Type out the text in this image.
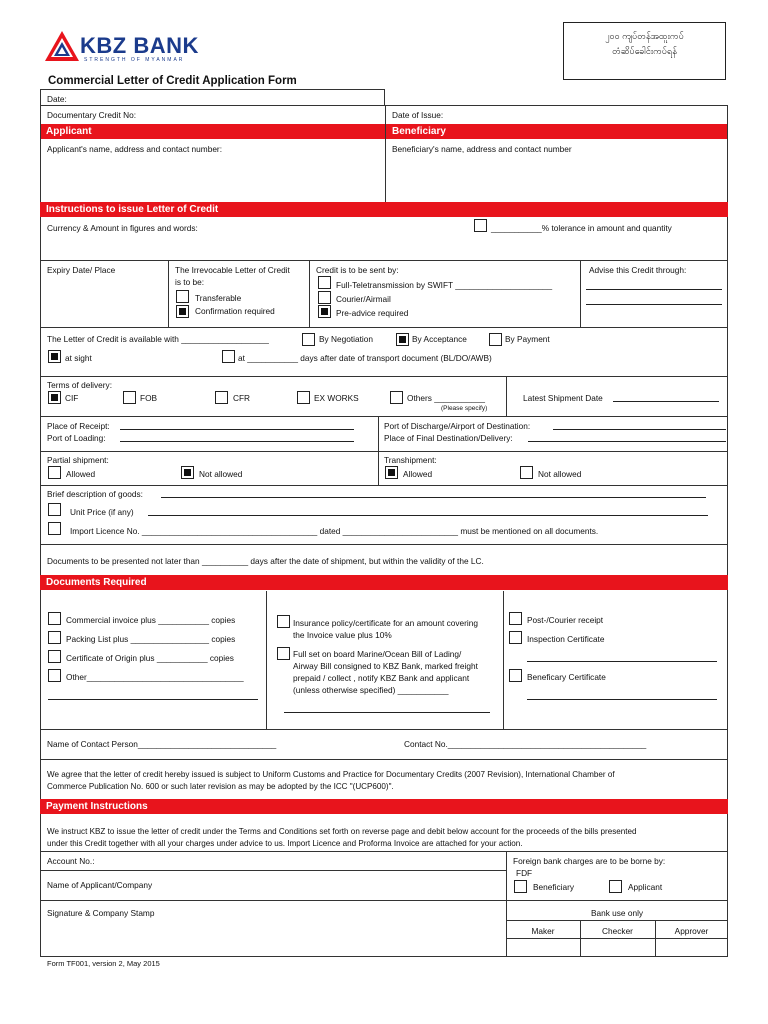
KBZ BANK
STRENGTH OF MYANMAR
Commercial Letter of Credit Application Form
၂၀၀ ကျပ်တန်အထူးကပ်
တံဆိပ်ခေါင်းကပ်ရန်
Date:
Documentary Credit No:	Date of Issue:
Applicant	Beneficiary
Applicant's name, address and contact number:	Beneficiary's name, address and contact number
Instructions to issue Letter of Credit
Currency & Amount in figures and words:	___________% tolerance in amount and quantity
Expiry Date/ Place	The Irrevocable Letter of Credit
is to be:
Transferable
Confirmation required
Credit is to be sent by:
Full-Teletransmission by SWIFT _____________________
Courier/Airmail
Pre-advice required
Advise this Credit through:
The Letter of Credit is available with ___________________	By Negotiation	By Acceptance	By Payment
at sight	at ___________ days after date of transport document (BL/DO/AWB)
Terms of delivery:
CIF	FOB	CFR	EX WORKS	Others ___________
(Please specify)
Latest Shipment Date
Place of Receipt:
Port of Loading:
Port of Discharge/Airport of Destination:
Place of Final Destination/Delivery:
Partial shipment:
Allowed	Not allowed
Transhipment:
Allowed	Not allowed
Brief description of goods:
Unit Price (if any)
Import Licence No. ______________________________________ dated _________________________ must be mentioned on all documents.
Documents to be presented not later than __________ days after the date of shipment, but within the validity of the LC.
Documents Required
Commercial invoice plus ___________ copies
Packing List plus _________________ copies
Certificate of Origin plus ___________ copies
Other__________________________________
Insurance policy/certificate for an amount covering
the Invoice value plus 10%
Full set on board Marine/Ocean Bill of Lading/
Airway Bill consigned to KBZ Bank, marked freight
prepaid / collect , notify KBZ Bank and applicant
(unless otherwise specified) ___________
Post-/Courier receipt
Inspection Certificate
Beneficary Certificate
Name of Contact Person______________________________	Contact No.___________________________________________
We agree that the letter of credit hereby issued is subject to Uniform Customs and Practice for Documentary Credits (2007 Revision), International Chamber of
Commerce Publication No. 600 or such later revision as may be adopted by the ICC "(UCP600)".
Payment Instructions
We instruct KBZ to issue the letter of credit under the Terms and Conditions set forth on reverse page and debit below account for the proceeds of the bills presented
under this Credit together with all your charges under advice to us. Import Licence and Proforma Invoice are attached for your action.
Account No.:
Name of Applicant/Company
Signature & Company Stamp
Foreign bank charges are to be borne by:
FDF
Beneficiary	Applicant
Bank use only
Maker	Checker	Approver
Form TF001, version 2, May 2015
